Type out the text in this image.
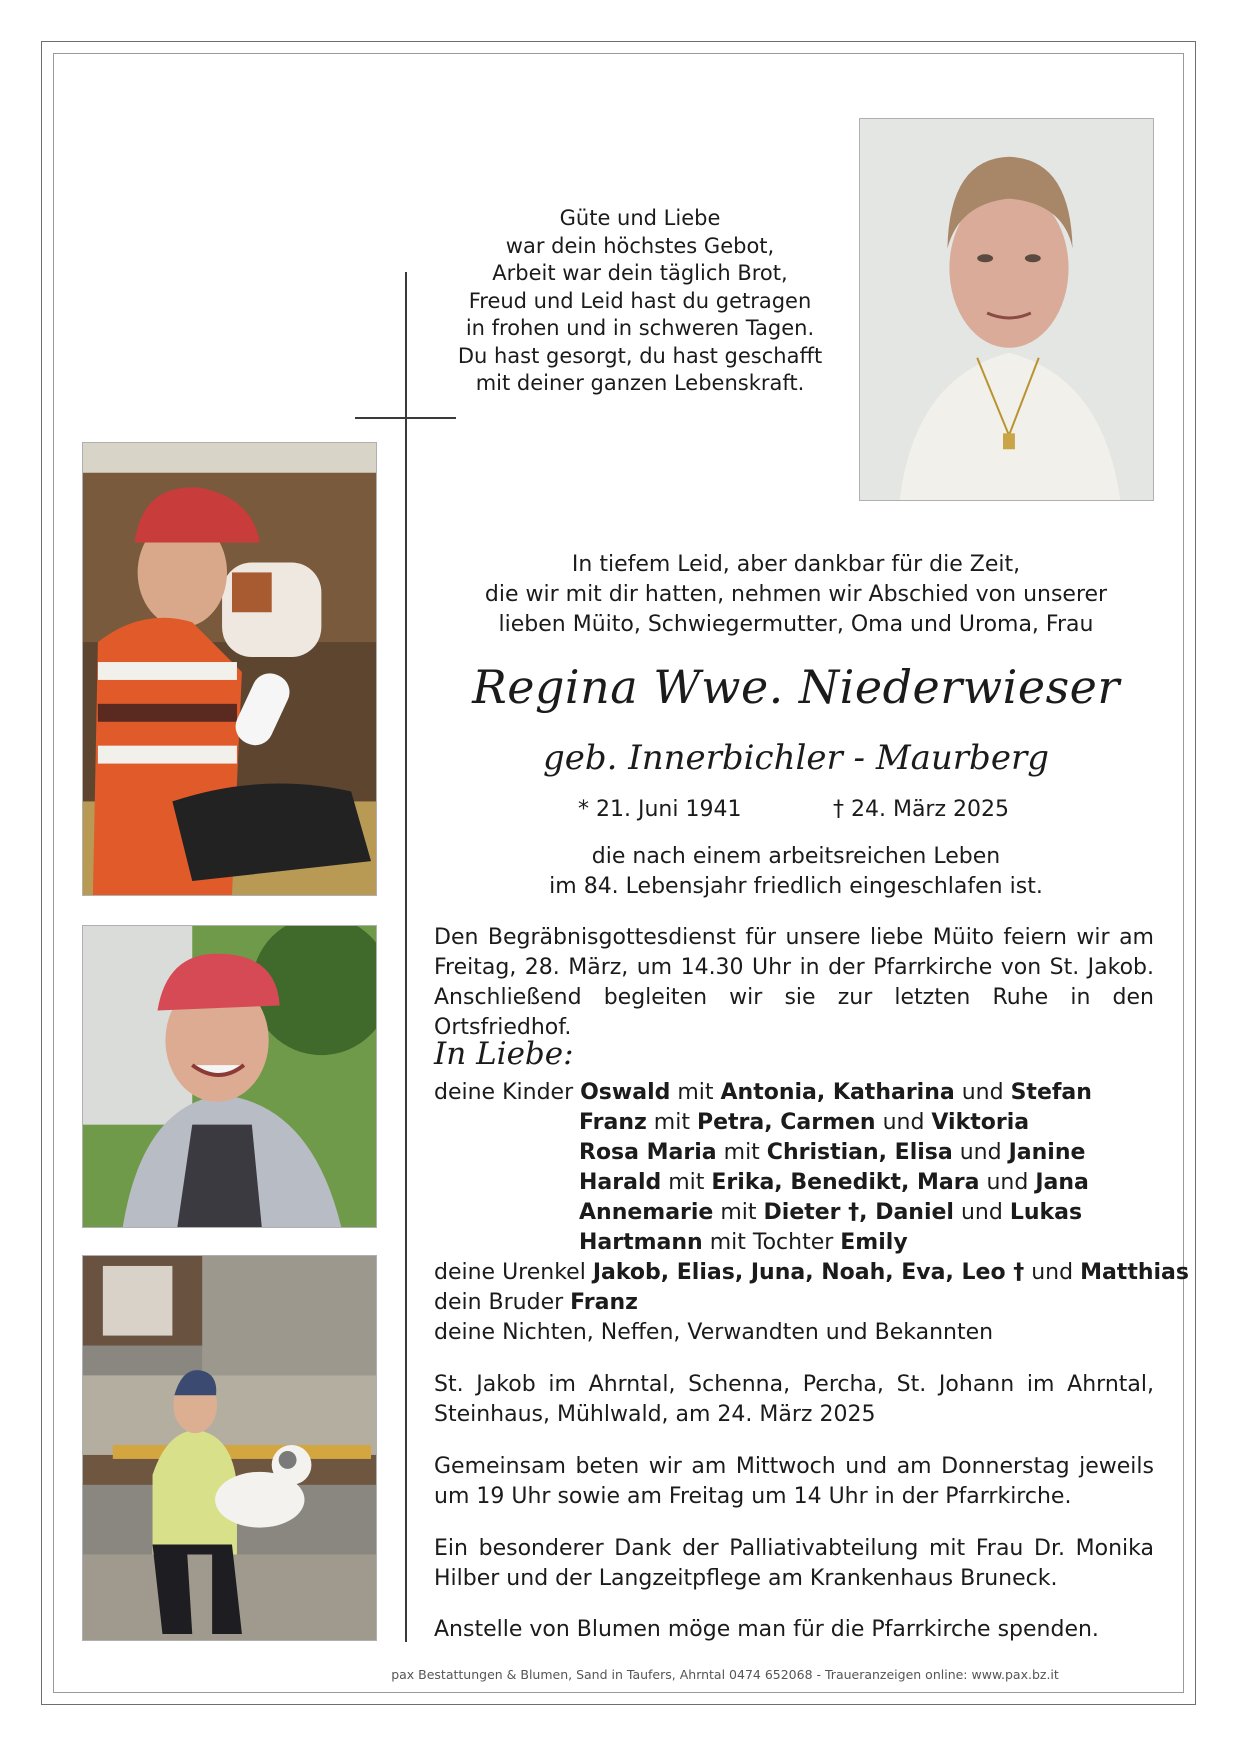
Güte und Liebe
war dein höchstes Gebot,
Arbeit war dein täglich Brot,
Freud und Leid hast du getragen
in frohen und in schweren Tagen.
Du hast gesorgt, du hast geschafft
mit deiner ganzen Lebenskraft.
In tiefem Leid, aber dankbar für die Zeit,
die wir mit dir hatten, nehmen wir Abschied von unserer
lieben Müito, Schwiegermutter, Oma und Uroma, Frau
Regina Wwe. Niederwieser
geb. Innerbichler - Maurberg
* 21. Juni 1941	† 24. März 2025
die nach einem arbeitsreichen Leben
im 84. Lebensjahr friedlich eingeschlafen ist.
Den Begräbnisgottesdienst für unsere liebe Müito feiern wir am Freitag, 28. März, um 14.30 Uhr in der Pfarrkirche von St. Jakob. Anschließend begleiten wir sie zur letzten Ruhe in den Ortsfriedhof.
In Liebe:
deine Kinder Oswald mit Antonia, Katharina und Stefan
Franz mit Petra, Carmen und Viktoria
Rosa Maria mit Christian, Elisa und Janine
Harald mit Erika, Benedikt, Mara und Jana
Annemarie mit Dieter †, Daniel und Lukas
Hartmann mit Tochter Emily
deine Urenkel Jakob, Elias, Juna, Noah, Eva, Leo † und Matthias
dein Bruder Franz
deine Nichten, Neffen, Verwandten und Bekannten
St. Jakob im Ahrntal, Schenna, Percha, St. Johann im Ahrntal, Steinhaus, Mühlwald, am 24. März 2025
Gemeinsam beten wir am Mittwoch und am Donnerstag jeweils um 19 Uhr sowie am Freitag um 14 Uhr in der Pfarrkirche.
Ein besonderer Dank der Palliativabteilung mit Frau Dr. Monika Hilber und der Langzeitpflege am Krankenhaus Bruneck.
Anstelle von Blumen möge man für die Pfarrkirche spenden.
pax Bestattungen & Blumen, Sand in Taufers, Ahrntal 0474 652068 - Traueranzeigen online: www.pax.bz.it
